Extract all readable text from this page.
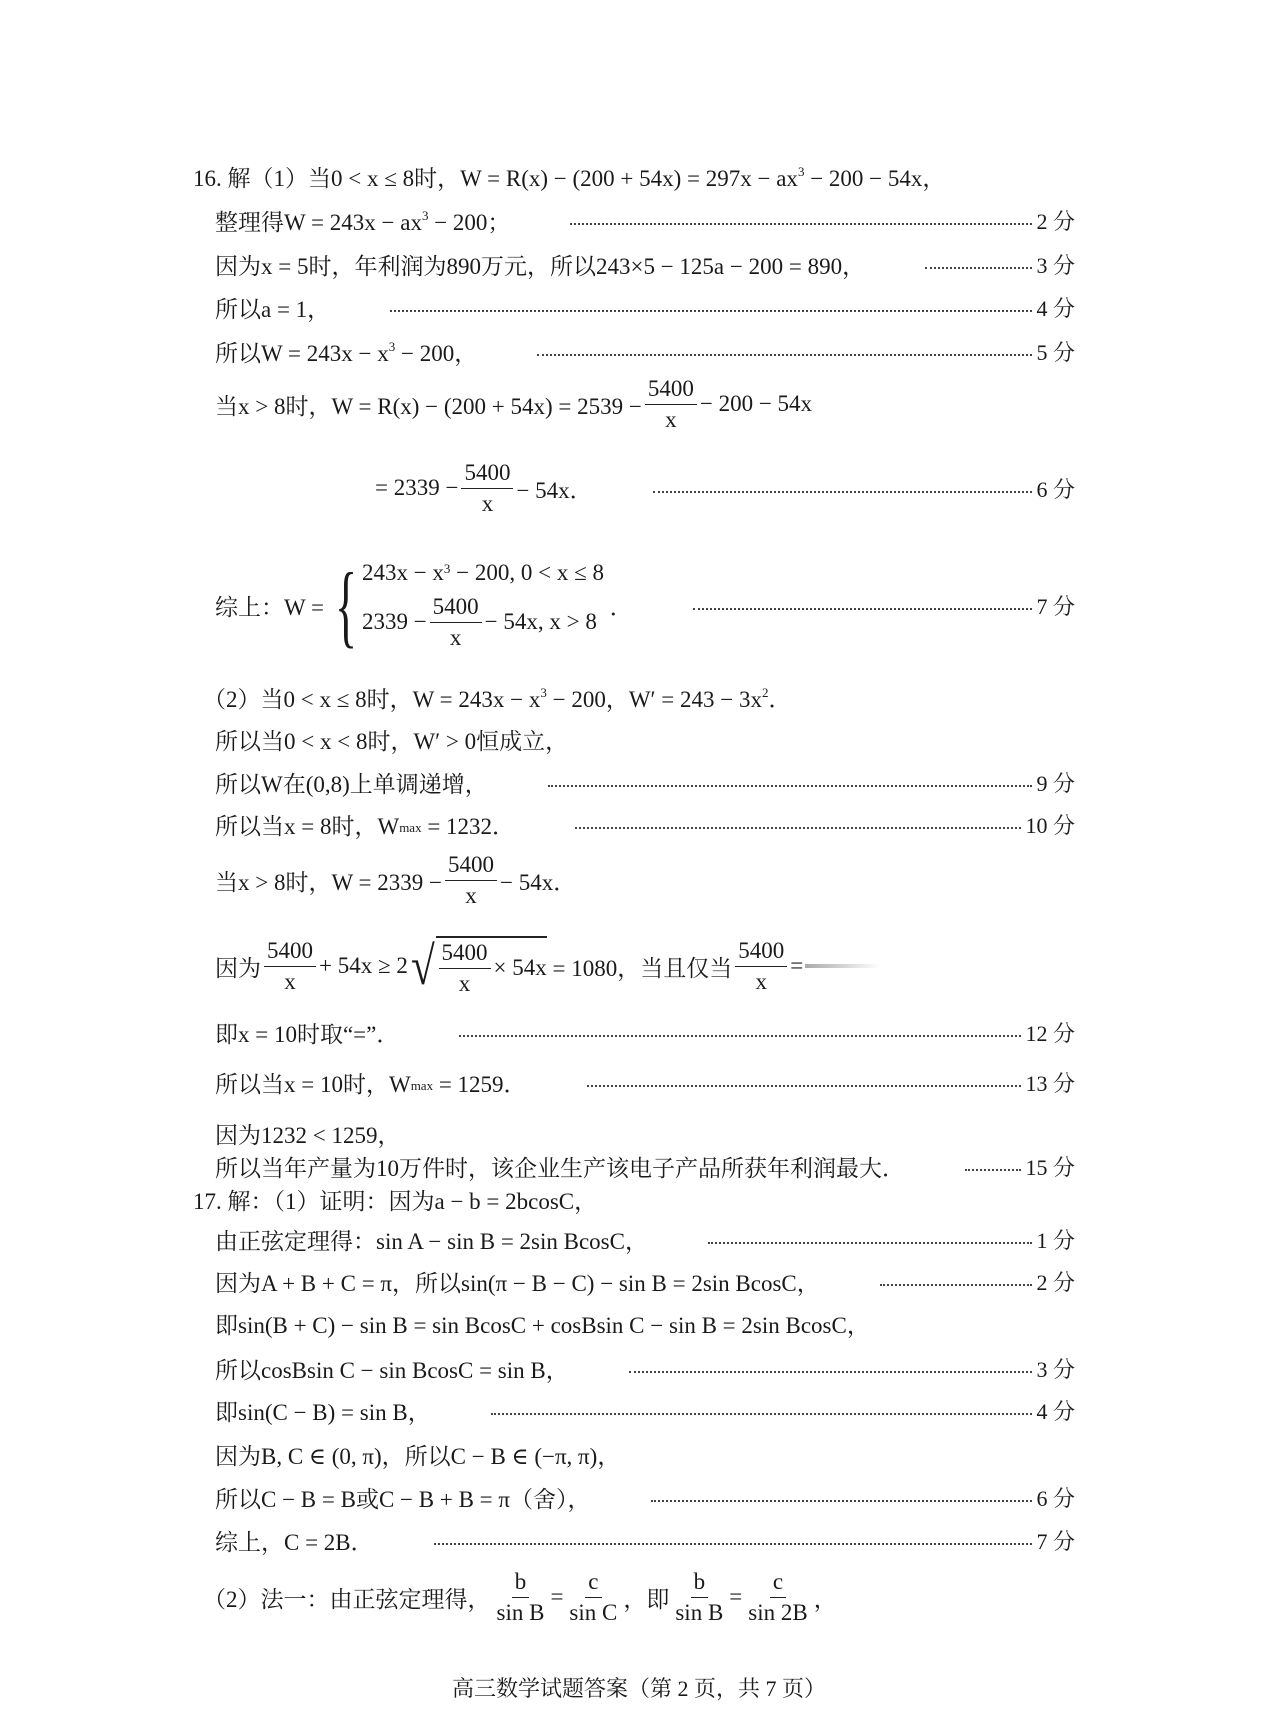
16. 解（1）当0 < x ≤ 8时，$W = R(x) - (200 + 54x) = 297x - ax^3 - 200 - 54x$，
整理得$W = 243x - ax^3 - 200$；	2 分
因为x = 5时，年利润为890万元，所以243×5 − 125a − 200 = 890，	3 分
所以a = 1，	4 分
所以$W = 243x - x^3 - 200$，	5 分
当x > 8时，$W = R(x) - (200 + 54x) = 2539 - \frac{5400}{x} - 200 - 54x$
= $2339 - \frac{5400}{x} - 54x$．	6 分
综上：W = { $243x - x^3 - 200$, 0 < x ≤ 8
$2339 - \frac{5400}{x} - 54x$, x > 8
．	7 分
（2）当0 < x ≤ 8时，$W = 243x - x^3 - 200$，$W' = 243 - 3x^2$ ．
所以当0 < x < 8时，W′ > 0恒成立，
所以W在(0,8)上单调递增，	9 分
所以当x = 8时，$W_{max} = 1232$．	10 分
当x > 8时，$W = 2339 - \frac{5400}{x} - 54x$．
因为 $\frac{5400}{x} + 54x \ge 2$ √ $\frac{5400}{x} \times 54x = 1080$，当且仅当 $\frac{5400}{x}$ =
即x = 10时取“=”．	12 分
所以当x = 10时，$W_{max} = 1259$．	13 分
因为1232 < 1259，
所以当年产量为10万件时，该企业生产该电子产品所获年利润最大．	15 分
17. 解：（1）证明：因为a − b = 2bcosC，
由正弦定理得：sin A − sin B = 2sin BcosC，	1 分
因为A + B + C = π，所以sin(π − B − C) − sin B = 2sin BcosC，	2 分
即sin(B + C) − sin B = sin BcosC + cosBsin C − sin B = 2sin BcosC，
所以cosBsin C − sin BcosC = sin B，	3 分
即sin(C − B) = sin B，	4 分
因为B, C ∈ (0, π)，所以C − B ∈ (−π, π)，
所以C − B = B或C − B + B = π（舍），	6 分
综上，C = 2B．	7 分
（2）法一：由正弦定理得， $\frac{b}{\text{sin B}} = \frac{c}{\text{sin C}}$ ，即 $\frac{b}{\text{sin B}} = \frac{c}{\sin 2B}$ ，
高三数学试题答案（第 2 页，共 7 页）
